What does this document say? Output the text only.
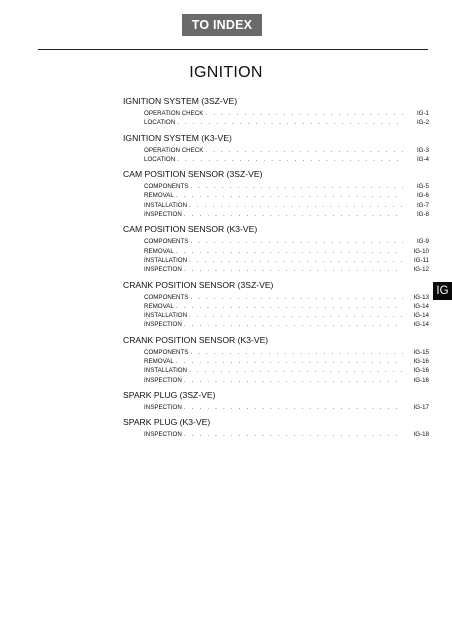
TO INDEX
IGNITION
IGNITION SYSTEM (3SZ-VE)
OPERATION CHECK . . .	IG-1
LOCATION . . .	IG-2
IGNITION SYSTEM (K3-VE)
OPERATION CHECK . . .	IG-3
LOCATION . . .	IG-4
CAM POSITION SENSOR (3SZ-VE)
COMPONENTS . . .	IG-5
REMOVAL . . .	IG-6
INSTALLATION . . .	IG-7
INSPECTION . . .	IG-8
CAM POSITION SENSOR (K3-VE)
COMPONENTS . . .	IG-9
REMOVAL . . .	IG-10
INSTALLATION . . .	IG-11
INSPECTION . . .	IG-12
CRANK POSITION SENSOR (3SZ-VE)
COMPONENTS . . .	IG-13
REMOVAL . . .	IG-14
INSTALLATION . . .	IG-14
INSPECTION . . .	IG-14
CRANK POSITION SENSOR (K3-VE)
COMPONENTS . . .	IG-15
REMOVAL . . .	IG-16
INSTALLATION . . .	IG-16
INSPECTION . . .	IG-16
SPARK PLUG (3SZ-VE)
INSPECTION . . .	IG-17
SPARK PLUG (K3-VE)
INSPECTION . . .	IG-18
IG
